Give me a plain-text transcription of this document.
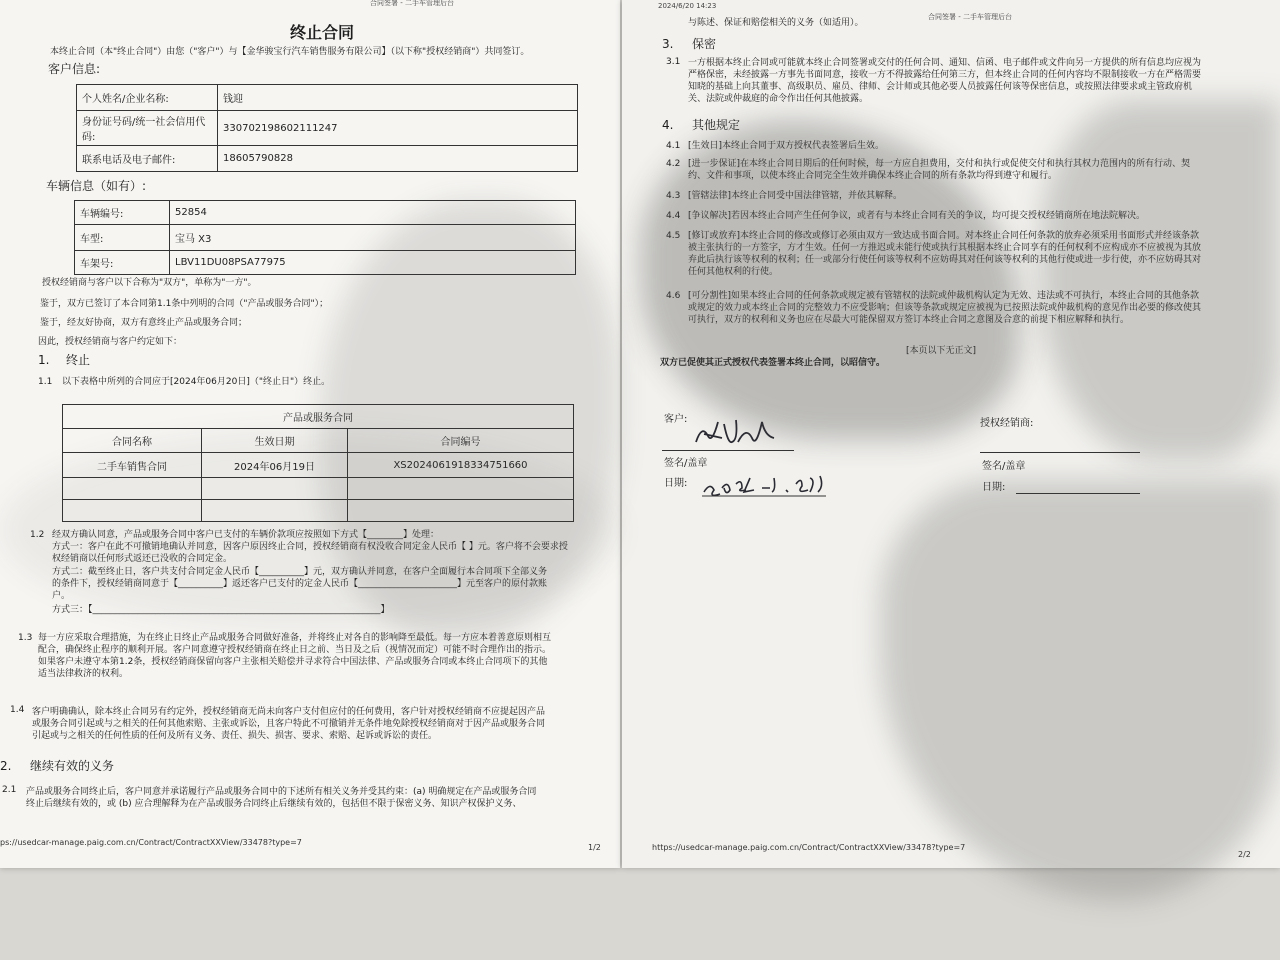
合同签署 - 二手车管理后台
终止合同
本终止合同（本"终止合同"）由您（"客户"）与【金华骏宝行汽车销售服务有限公司】（以下称"授权经销商"）共同签订。
客户信息:
个人姓名/企业名称:	钱迎
身份证号码/统一社会信用代码:	330702198602111247
联系电话及电子邮件:	18605790828
车辆信息（如有）:
车辆编号:	52854
车型:	宝马 X3
车架号:	LBV11DU08PSA77975
授权经销商与客户以下合称为"双方"，单称为"一方"。
鉴于，双方已签订了本合同第1.1条中列明的合同（"产品或服务合同"）；
鉴于，经友好协商，双方有意终止产品或服务合同；
因此，授权经销商与客户约定如下：
1. 终止
1.1 以下表格中所列的合同应于[2024年06月20日]（"终止日"）终止。
产品或服务合同		
合同名称	生效日期	合同编号
二手车销售合同	2024年06月19日	XS2024061918334751660

1.2 经双方确认同意，产品或服务合同中客户已支付的车辆价款项应按照如下方式【________】处理：
方式一：客户在此不可撤销地确认并同意，因客户原因终止合同，授权经销商有权没收合同定金人民币【 】元。客户将不会要求授
权经销商以任何形式返还已没收的合同定金。
方式二：截至终止日，客户共支付合同定金人民币【__________】元，双方确认并同意，在客户全面履行本合同项下全部义务
的条件下，授权经销商同意于【__________】返还客户已支付的定金人民币【______________________】元至客户的原付款账
户。
方式三：【________________________________________________________________】
1.3 每一方应采取合理措施，为在终止日终止产品或服务合同做好准备，并将终止对各自的影响降至最低。每一方应本着善意原则相互
配合，确保终止程序的顺利开展。客户同意遵守授权经销商在终止日之前、当日及之后（视情况而定）可能不时合理作出的指示。
如果客户未遵守本第1.2条，授权经销商保留向客户主张相关赔偿并寻求符合中国法律、产品或服务合同或本终止合同项下的其他
适当法律救济的权利。
1.4 客户明确确认，除本终止合同另有约定外，授权经销商无尚未向客户支付但应付的任何费用，客户针对授权经销商不应提起因产品
或服务合同引起或与之相关的任何其他索赔、主张或诉讼，且客户特此不可撤销并无条件地免除授权经销商对于因产品或服务合同
引起或与之相关的任何性质的任何及所有义务、责任、损失、损害、要求、索赔、起诉或诉讼的责任。
2. 继续有效的义务
2.1 产品或服务合同终止后，客户同意并承诺履行产品或服务合同中的下述所有相关义务并受其约束：(a) 明确规定在产品或服务合同
终止后继续有效的，或 (b) 应合理解释为在产品或服务合同终止后继续有效的，包括但不限于保密义务、知识产权保护义务、
ps://usedcar-manage.paig.com.cn/Contract/ContractXXView/33478?type=7
1/2
2024/6/20 14:23
合同签署 - 二手车管理后台
与陈述、保证和赔偿相关的义务（如适用）。
3. 保密
3.1 一方根据本终止合同或可能就本终止合同签署或交付的任何合同、通知、信函、电子邮件或文件向另一方提供的所有信息均应视为
严格保密，未经披露一方事先书面同意，接收一方不得披露给任何第三方，但本终止合同的任何内容均不限制接收一方在严格需要
知晓的基础上向其董事、高级职员、雇员、律师、会计师或其他必要人员披露任何该等保密信息，或按照法律要求或主管政府机
关、法院或仲裁庭的命令作出任何其他披露。
4. 其他规定
4.1 [生效日]本终止合同于双方授权代表签署后生效。
4.2 [进一步保证]在本终止合同日期后的任何时候，每一方应自担费用，交付和执行或促使交付和执行其权力范围内的所有行动、契
约、文件和事项，以使本终止合同完全生效并确保本终止合同的所有条款均得到遵守和履行。
4.3 [管辖法律]本终止合同受中国法律管辖，并依其解释。
4.4 [争议解决]若因本终止合同产生任何争议，或者有与本终止合同有关的争议，均可提交授权经销商所在地法院解决。
4.5 [修订或放弃]本终止合同的修改或修订必须由双方一致达成书面合同。对本终止合同任何条款的放弃必须采用书面形式并经该条款
被主张执行的一方签字，方才生效。任何一方推迟或未能行使或执行其根据本终止合同享有的任何权利不应构成亦不应被视为其放
弃此后执行该等权利的权利；任一或部分行使任何该等权利不应妨碍其对任何该等权利的其他行使或进一步行使，亦不应妨碍其对
任何其他权利的行使。
4.6 [可分割性]如果本终止合同的任何条款或规定被有管辖权的法院或仲裁机构认定为无效、违法或不可执行，本终止合同的其他条款
或规定的效力或本终止合同的完整效力不应受影响；但该等条款或规定应被视为已按照法院或仲裁机构的意见作出必要的修改使其
可执行，双方的权利和义务也应在尽最大可能保留双方签订本终止合同之意图及合意的前提下相应解释和执行。
[本页以下无正文]
双方已促使其正式授权代表签署本终止合同，以昭信守。
客户:
签名/盖章
日期:
授权经销商:
签名/盖章
日期:
https://usedcar-manage.paig.com.cn/Contract/ContractXXView/33478?type=7
2/2
